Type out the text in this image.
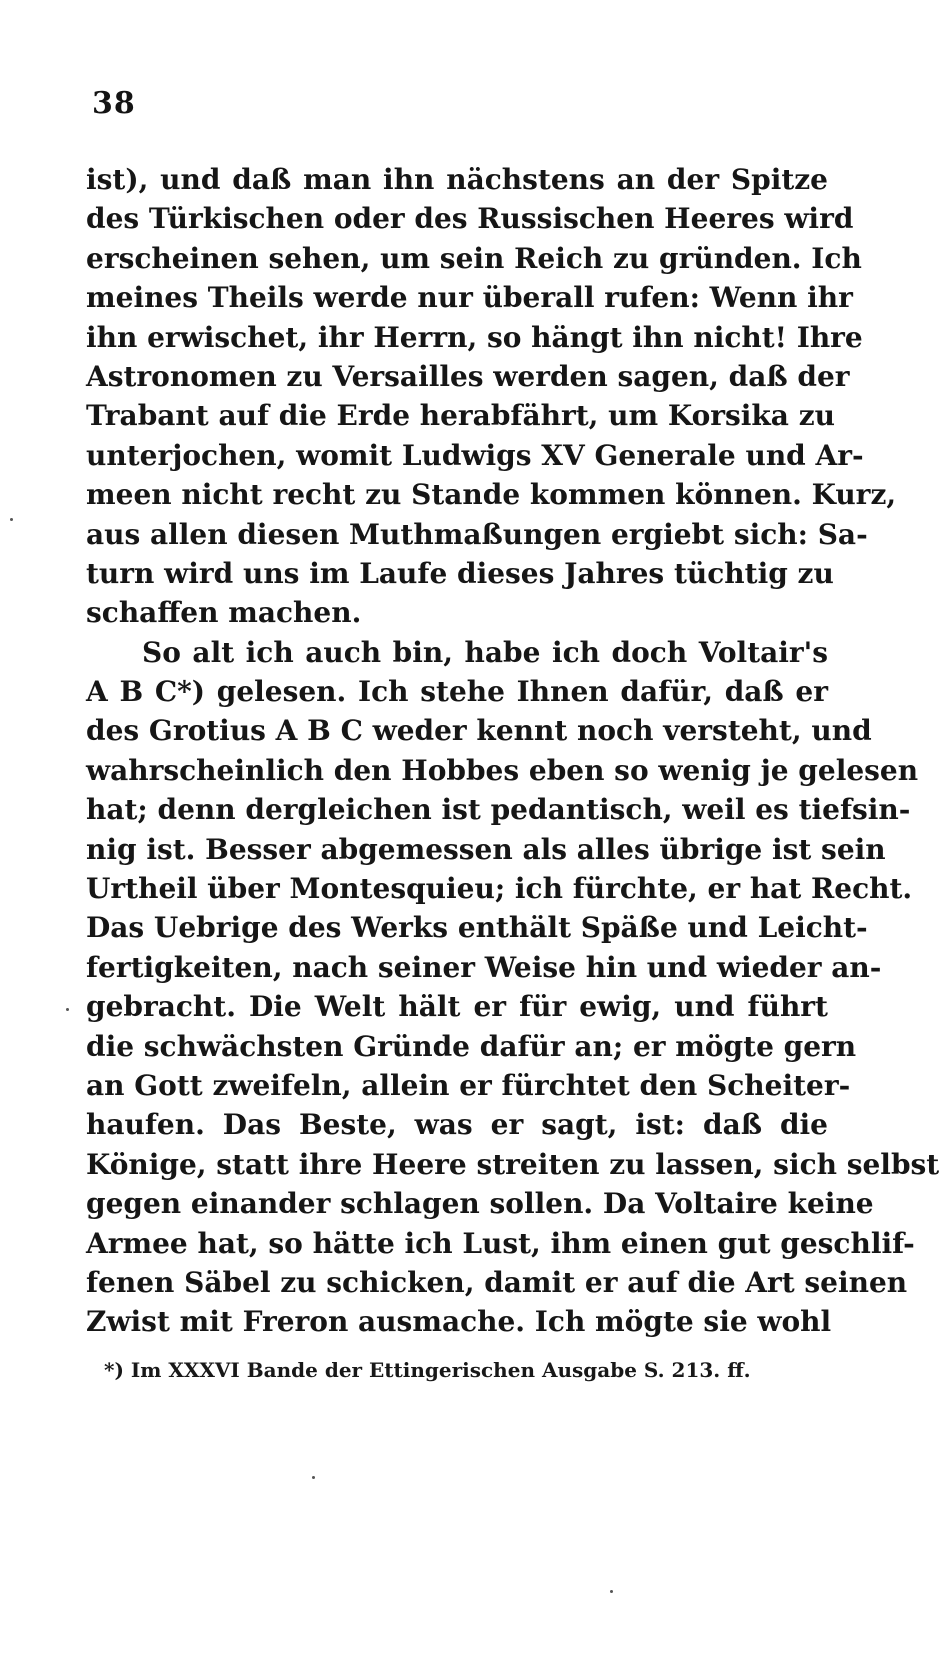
38
ist), und daß man ihn nächstens an der Spitze
des Türkischen oder des Russischen Heeres wird
erscheinen sehen, um sein Reich zu gründen. Ich
meines Theils werde nur überall rufen: Wenn ihr
ihn erwischet, ihr Herrn, so hängt ihn nicht! Ihre
Astronomen zu Versailles werden sagen, daß der
Trabant auf die Erde herabfährt, um Korsika zu
unterjochen, womit Ludwigs XV Generale und Ar-
meen nicht recht zu Stande kommen können. Kurz,
aus allen diesen Muthmaßungen ergiebt sich: Sa-
turn wird uns im Laufe dieses Jahres tüchtig zu
schaffen machen.
So alt ich auch bin, habe ich doch Voltair's
A B C*) gelesen. Ich stehe Ihnen dafür, daß er
des Grotius A B C weder kennt noch versteht, und
wahrscheinlich den Hobbes eben so wenig je gelesen
hat; denn dergleichen ist pedantisch, weil es tiefsin-
nig ist. Besser abgemessen als alles übrige ist sein
Urtheil über Montesquieu; ich fürchte, er hat Recht.
Das Uebrige des Werks enthält Späße und Leicht-
fertigkeiten, nach seiner Weise hin und wieder an-
gebracht. Die Welt hält er für ewig, und führt
die schwächsten Gründe dafür an; er mögte gern
an Gott zweifeln, allein er fürchtet den Scheiter-
haufen. Das Beste, was er sagt, ist: daß die
Könige, statt ihre Heere streiten zu lassen, sich selbst
gegen einander schlagen sollen. Da Voltaire keine
Armee hat, so hätte ich Lust, ihm einen gut geschlif-
fenen Säbel zu schicken, damit er auf die Art seinen
Zwist mit Freron ausmache. Ich mögte sie wohl
*) Im XXXVI Bande der Ettingerischen Ausgabe S. 213. ff.
